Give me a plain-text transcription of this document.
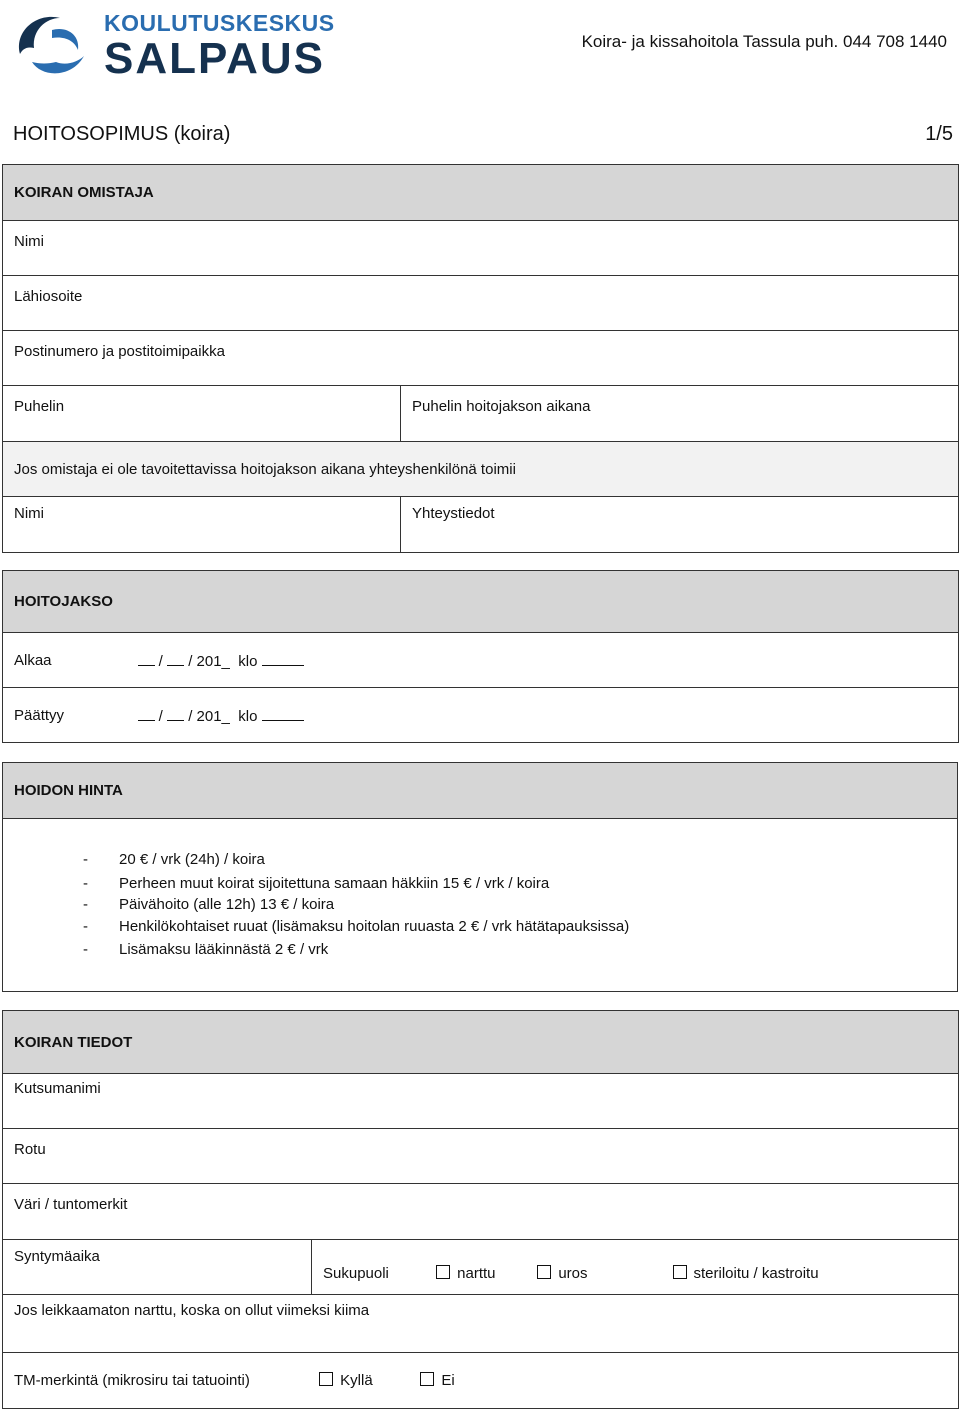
KOULUTUSKESKUS
SALPAUS	Koira- ja kissahoitola Tassula puh. 044 708 1440
HOITOSOPIMUS (koira)	1/5
KOIRAN OMISTAJA	
Nimi	
Lähiosoite	
Postinumero ja postitoimipaikka	
Puhelin	Puhelin hoitojakson aikana
Jos omistaja ei ole tavoitettavissa hoitojakson aikana yhteyshenkilönä toimii	
Nimi	Yhteystiedot
HOITOJAKSO	
Alkaa	/ / 201_ klo
Päättyy	/ / 201_ klo
HOIDON HINTA

- 20 € / vrk (24h) / koira
- Perheen muut koirat sijoitettuna samaan häkkiin 15 € / vrk / koira
- Päivähoito (alle 12h) 13 € / koira
- Henkilökohtaiset ruuat (lisämaksu hoitolan ruuasta 2 € / vrk hätätapauksissa)
- Lisämaksu lääkinnästä 2 € / vrk
KOIRAN TIEDOT
Kutsumanimi
Rotu
Väri / tuntomerkit
Syntymäaika	Sukupuoli	narttu	uros	steriloitu / kastroitu
Jos leikkaamaton narttu, koska on ollut viimeksi kiima
TM-merkintä (mikrosiru tai tatuointi)	Kyllä	Ei
